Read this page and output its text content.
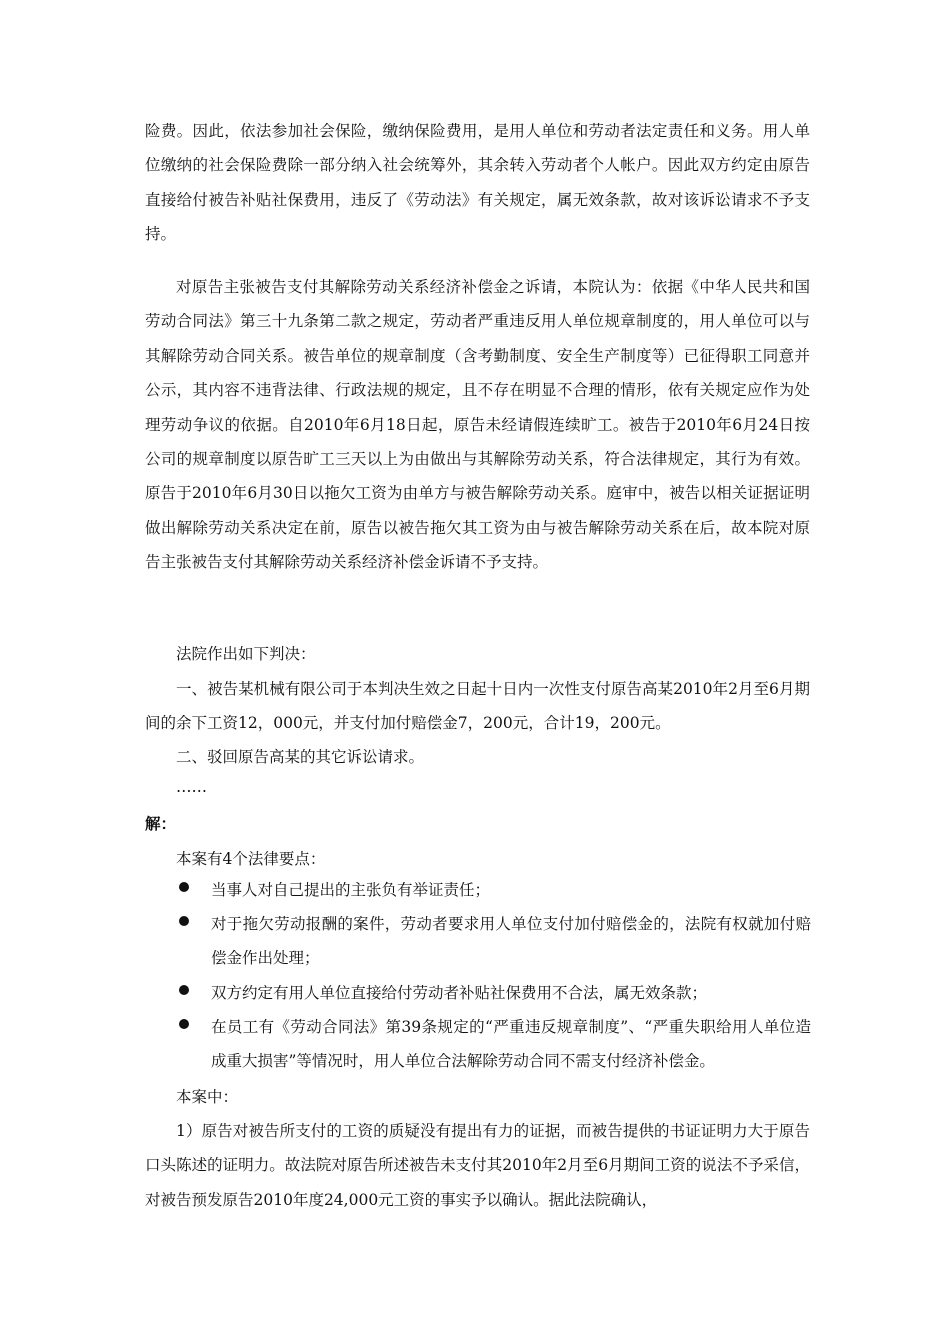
险费。因此，依法参加社会保险，缴纳保险费用，是用人单位和劳动者法定责任和义务。用人单位缴纳的社会保险费除一部分纳入社会统筹外，其余转入劳动者个人帐户。因此双方约定由原告直接给付被告补贴社保费用，违反了《劳动法》有关规定，属无效条款，故对该诉讼请求不予支持。

对原告主张被告支付其解除劳动关系经济补偿金之诉请，本院认为：依据《中华人民共和国劳动合同法》第三十九条第二款之规定，劳动者严重违反用人单位规章制度的，用人单位可以与其解除劳动合同关系。被告单位的规章制度（含考勤制度、安全生产制度等）已征得职工同意并公示，其内容不违背法律、行政法规的规定，且不存在明显不合理的情形，依有关规定应作为处理劳动争议的依据。自2010年6月18日起，原告未经请假连续旷工。被告于2010年6月24日按公司的规章制度以原告旷工三天以上为由做出与其解除劳动关系，符合法律规定，其行为有效。原告于2010年6月30日以拖欠工资为由单方与被告解除劳动关系。庭审中，被告以相关证据证明做出解除劳动关系决定在前，原告以被告拖欠其工资为由与被告解除劳动关系在后，故本院对原告主张被告支付其解除劳动关系经济补偿金诉请不予支持。

法院作出如下判决：

一、被告某机械有限公司于本判决生效之日起十日内一次性支付原告高某2010年2月至6月期间的余下工资12，000元，并支付加付赔偿金7，200元，合计19，200元。

二、驳回原告高某的其它诉讼请求。

……

解：

本案有4个法律要点：

当事人对自己提出的主张负有举证责任；

对于拖欠劳动报酬的案件，劳动者要求用人单位支付加付赔偿金的，法院有权就加付赔偿金作出处理；

双方约定有用人单位直接给付劳动者补贴社保费用不合法，属无效条款；

在员工有《劳动合同法》第39条规定的“严重违反规章制度”、“严重失职给用人单位造成重大损害”等情况时，用人单位合法解除劳动合同不需支付经济补偿金。

本案中：

1）原告对被告所支付的工资的质疑没有提出有力的证据，而被告提供的书证证明力大于原告口头陈述的证明力。故法院对原告所述被告未支付其2010年2月至6月期间工资的说法不予采信，对被告预发原告2010年度24,000元工资的事实予以确认。据此法院确认，
